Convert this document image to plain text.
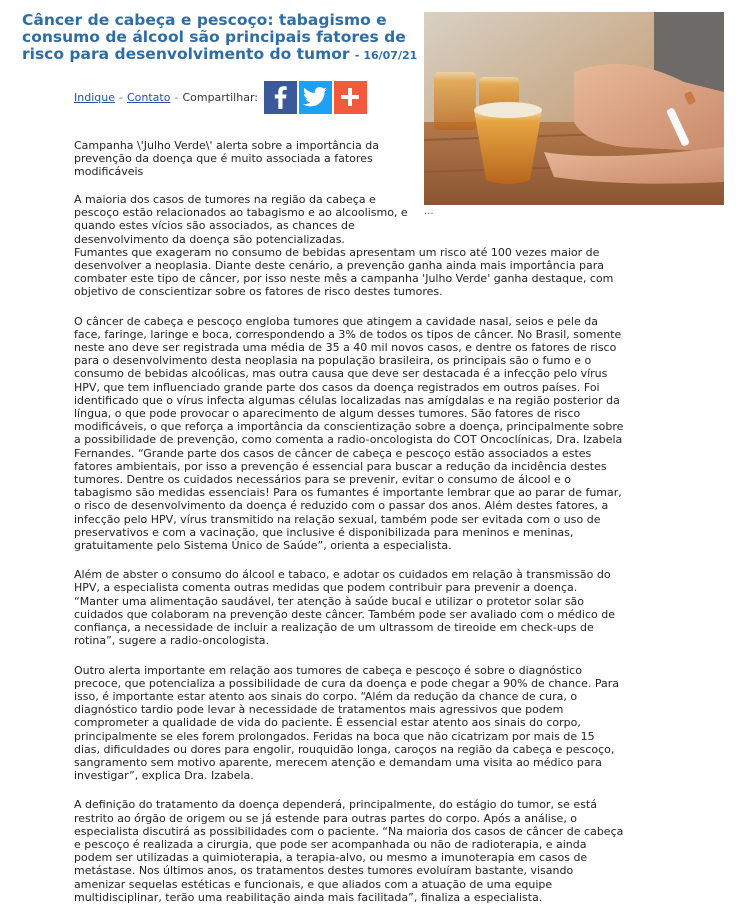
Câncer de cabeça e pescoço: tabagismo e consumo de álcool são principais fatores de risco para desenvolvimento do tumor - 16/07/21
...
Indique - Contato - Compartilhar:

Campanha \'Julho Verde\' alerta sobre a importância da prevenção da doença que é muito associada a fatores modificáveis

A maioria dos casos de tumores na região da cabeça e pescoço estão relacionados ao tabagismo e ao alcoolismo, e quando estes vícios são associados, as chances de desenvolvimento da doença são potencializadas.
Fumantes que exageram no consumo de bebidas apresentam um risco até 100 vezes maior de desenvolver a neoplasia. Diante deste cenário, a prevenção ganha ainda mais importância para combater este tipo de câncer, por isso neste mês a campanha 'Julho Verde' ganha destaque, com objetivo de conscientizar sobre os fatores de risco destes tumores.

O câncer de cabeça e pescoço engloba tumores que atingem a cavidade nasal, seios e pele da face, faringe, laringe e boca, correspondendo a 3% de todos os tipos de câncer. No Brasil, somente neste ano deve ser registrada uma média de 35 a 40 mil novos casos, e dentre os fatores de risco para o desenvolvimento desta neoplasia na população brasileira, os principais são o fumo e o consumo de bebidas alcoólicas, mas outra causa que deve ser destacada é a infecção pelo vírus HPV, que tem influenciado grande parte dos casos da doença registrados em outros países. Foi identificado que o vírus infecta algumas células localizadas nas amígdalas e na região posterior da língua, o que pode provocar o aparecimento de algum desses tumores. São fatores de risco modificáveis, o que reforça a importância da conscientização sobre a doença, principalmente sobre a possibilidade de prevenção, como comenta a radio-oncologista do COT Oncoclínicas, Dra. Izabela Fernandes. “Grande parte dos casos de câncer de cabeça e pescoço estão associados a estes fatores ambientais, por isso a prevenção é essencial para buscar a redução da incidência destes tumores. Dentre os cuidados necessários para se prevenir, evitar o consumo de álcool e o tabagismo são medidas essenciais! Para os fumantes é importante lembrar que ao parar de fumar, o risco de desenvolvimento da doença é reduzido com o passar dos anos. Além destes fatores, a infecção pelo HPV, vírus transmitido na relação sexual, também pode ser evitada com o uso de preservativos e com a vacinação, que inclusive é disponibilizada para meninos e meninas, gratuitamente pelo Sistema Único de Saúde”, orienta a especialista.

Além de abster o consumo do álcool e tabaco, e adotar os cuidados em relação à transmissão do HPV, a especialista comenta outras medidas que podem contribuir para prevenir a doença. “Manter uma alimentação saudável, ter atenção à saúde bucal e utilizar o protetor solar são cuidados que colaboram na prevenção deste câncer. Também pode ser avaliado com o médico de confiança, a necessidade de incluir a realização de um ultrassom de tireoide em check-ups de rotina”, sugere a radio-oncologista.

Outro alerta importante em relação aos tumores de cabeça e pescoço é sobre o diagnóstico precoce, que potencializa a possibilidade de cura da doença e pode chegar a 90% de chance. Para isso, é importante estar atento aos sinais do corpo. “Além da redução da chance de cura, o diagnóstico tardio pode levar à necessidade de tratamentos mais agressivos que podem comprometer a qualidade de vida do paciente. É essencial estar atento aos sinais do corpo, principalmente se eles forem prolongados. Feridas na boca que não cicatrizam por mais de 15 dias, dificuldades ou dores para engolir, rouquidão longa, caroços na região da cabeça e pescoço, sangramento sem motivo aparente, merecem atenção e demandam uma visita ao médico para investigar”, explica Dra. Izabela.

A definição do tratamento da doença dependerá, principalmente, do estágio do tumor, se está restrito ao órgão de origem ou se já estende para outras partes do corpo. Após a análise, o especialista discutirá as possibilidades com o paciente. “Na maioria dos casos de câncer de cabeça e pescoço é realizada a cirurgia, que pode ser acompanhada ou não de radioterapia, e ainda podem ser utilizadas a quimioterapia, a terapia-alvo, ou mesmo a imunoterapia em casos de metástase. Nos últimos anos, os tratamentos destes tumores evoluíram bastante, visando amenizar sequelas estéticas e funcionais, e que aliados com a atuação de uma equipe multidisciplinar, terão uma reabilitação ainda mais facilitada”, finaliza a especialista.
